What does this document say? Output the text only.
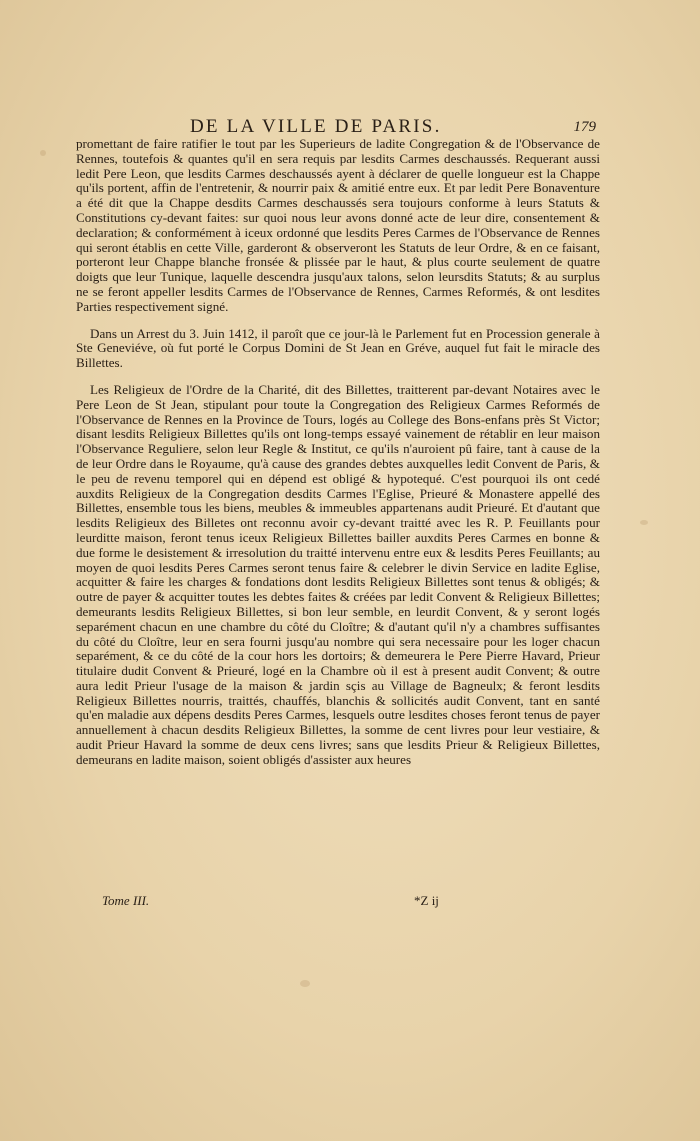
DE LA VILLE DE PARIS.	179

promettant de faire ratifier le tout par les Superieurs de ladite Congregation & de l'Observance de Rennes, toutefois & quantes qu'il en sera requis par lesdits Carmes deschaussés. Requerant aussi ledit Pere Leon, que lesdits Carmes deschaussés ayent à déclarer de quelle longueur est la Chappe qu'ils portent, affin de l'entretenir, & nourrir paix & amitié entre eux. Et par ledit Pere Bonaventure a été dit que la Chappe desdits Carmes deschaussés sera toujours conforme à leurs Statuts & Constitutions cy-devant faites: sur quoi nous leur avons donné acte de leur dire, consentement & declaration; & conformément à iceux ordonné que lesdits Peres Carmes de l'Observance de Rennes qui seront établis en cette Ville, garderont & observeront les Statuts de leur Ordre, & en ce faisant, porteront leur Chappe blanche fronsée & plissée par le haut, & plus courte seulement de quatre doigts que leur Tunique, laquelle descendra jusqu'aux talons, selon leursdits Statuts; & au surplus ne se feront appeller lesdits Carmes de l'Observance de Rennes, Carmes Reformés, & ont lesdites Parties respectivement signé.

Dans un Arrest du 3. Juin 1412, il paroît que ce jour-là le Parlement fut en Procession generale à Ste Geneviéve, où fut porté le Corpus Domini de St Jean en Gréve, auquel fut fait le miracle des Billettes.

Les Religieux de l'Ordre de la Charité, dit des Billettes, traitterent par-devant Notaires avec le Pere Leon de St Jean, stipulant pour toute la Congregation des Religieux Carmes Reformés de l'Observance de Rennes en la Province de Tours, logés au College des Bons-enfans près St Victor; disant lesdits Religieux Billettes qu'ils ont long-temps essayé vainement de rétablir en leur maison l'Observance Reguliere, selon leur Regle & Institut, ce qu'ils n'auroient pû faire, tant à cause de la de leur Ordre dans le Royaume, qu'à cause des grandes debtes auxquelles ledit Convent de Paris, & le peu de revenu temporel qui en dépend est obligé & hypotequé. C'est pourquoi ils ont cedé auxdits Religieux de la Congregation desdits Carmes l'Eglise, Prieuré & Monastere appellé des Billettes, ensemble tous les biens, meubles & immeubles appartenans audit Prieuré. Et d'autant que lesdits Religieux des Billetes ont reconnu avoir cy-devant traitté avec les R. P. Feuillants pour leurditte maison, feront tenus iceux Religieux Billettes bailler auxdits Peres Carmes en bonne & due forme le desistement & irresolution du traitté intervenu entre eux & lesdits Peres Feuillants; au moyen de quoi lesdits Peres Carmes seront tenus faire & celebrer le divin Service en ladite Eglise, acquitter & faire les charges & fondations dont lesdits Religieux Billettes sont tenus & obligés; & outre de payer & acquitter toutes les debtes faites & créées par ledit Convent & Religieux Billettes; demeurants lesdits Religieux Billettes, si bon leur semble, en leurdit Convent, & y seront logés separément chacun en une chambre du côté du Cloître; & d'autant qu'il n'y a chambres suffisantes du côté du Cloître, leur en sera fourni jusqu'au nombre qui sera necessaire pour les loger chacun separément, & ce du côté de la cour hors les dortoirs; & demeurera le Pere Pierre Havard, Prieur titulaire dudit Convent & Prieuré, logé en la Chambre où il est à present audit Convent; & outre aura ledit Prieur l'usage de la maison & jardin sçis au Village de Bagneulx; & feront lesdits Religieux Billettes nourris, traittés, chauffés, blanchis & sollicités audit Convent, tant en santé qu'en maladie aux dépens desdits Peres Carmes, lesquels outre lesdites choses feront tenus de payer annuellement à chacun desdits Religieux Billettes, la somme de cent livres pour leur vestiaire, & audit Prieur Havard la somme de deux cens livres; sans que lesdits Prieur & Religieux Billettes, demeurans en ladite maison, soient obligés d'assister aux heures

Tome III.	*Z ij
